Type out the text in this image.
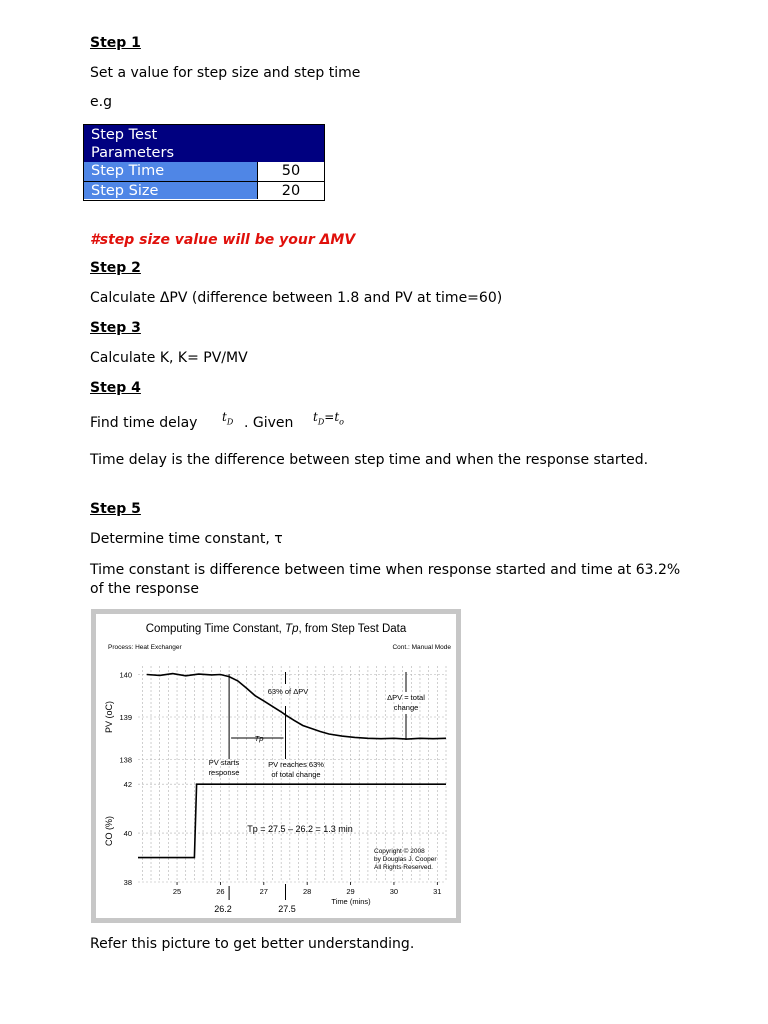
Step 1
Set a value for step size and step time
e.g
Step Test
Parameters
Step Time	50
Step Size	20
#step size value will be your ΔMV
Step 2
Calculate ΔPV (difference between 1.8 and PV at time=60)
Step 3
Calculate K, K= PV/MV
Step 4
Find time delay $t_D$ . Given $t_D=t_o$
Time delay is the difference between step time and when the response started.
Step 5
Determine time constant, τ
Time constant is difference between time when response started and time at 63.2% of the response
Computing Time Constant, Tp, from Step Test Data
Process: Heat Exchanger	Cont.: Manual Mode
138
139
140
38
40
42
25	26	27	28	29	30	31
PV (oC)
CO (%)
Time (mins)
63% of ΔPV
ΔPV = total
change
Tp
PV starts
response
PV reaches 63%
of total change
Tp = 27.5 – 26.2 = 1.3 min
Copyright © 2008
by Douglas J. Cooper
All Rights Reserved.
26.2	27.5
Refer this picture to get better understanding.
